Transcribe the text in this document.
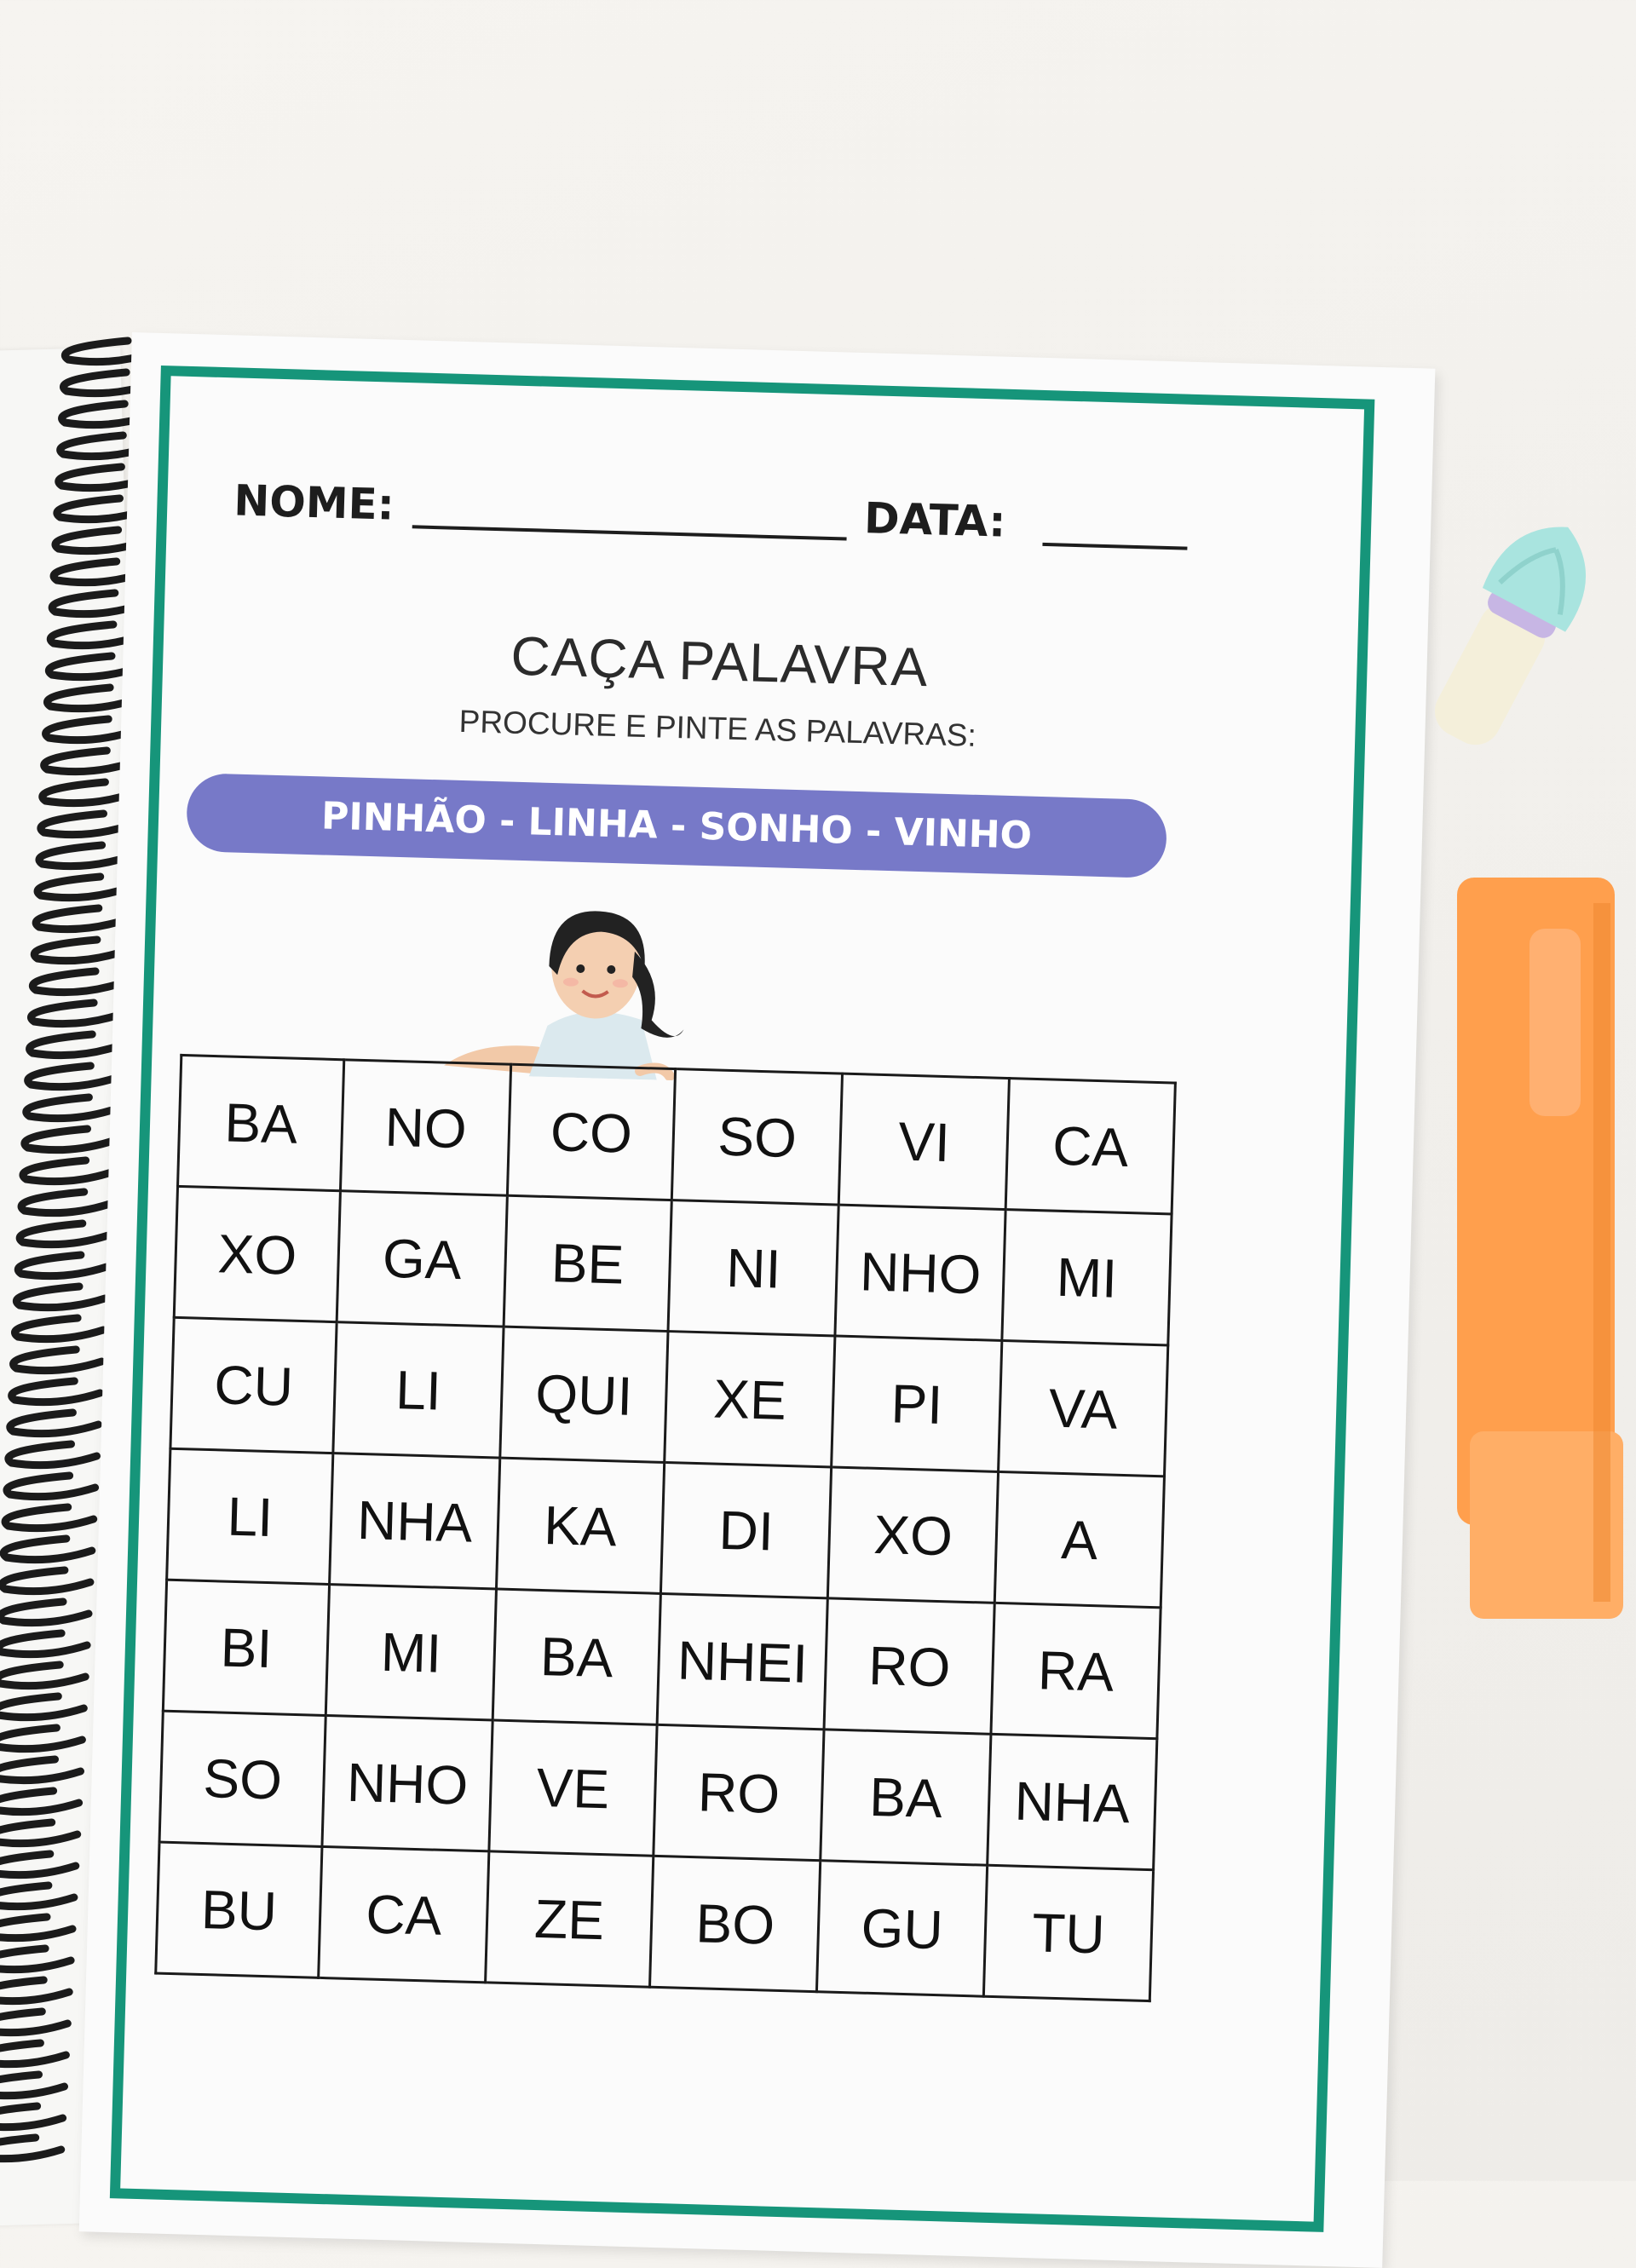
NOME:	DATA:
CAÇA PALAVRA
PROCURE E PINTE AS PALAVRAS:
PINHÃO - LINHA - SONHO - VINHO
BA	NO	CO	SO	VI	CA
XO	GA	BE	NI	NHO	MI
CU	LI	QUI	XE	PI	VA
LI	NHA	KA	DI	XO	A
BI	MI	BA	NHEI	RO	RA
SO	NHO	VE	RO	BA	NHA
BU	CA	ZE	BO	GU	TU
